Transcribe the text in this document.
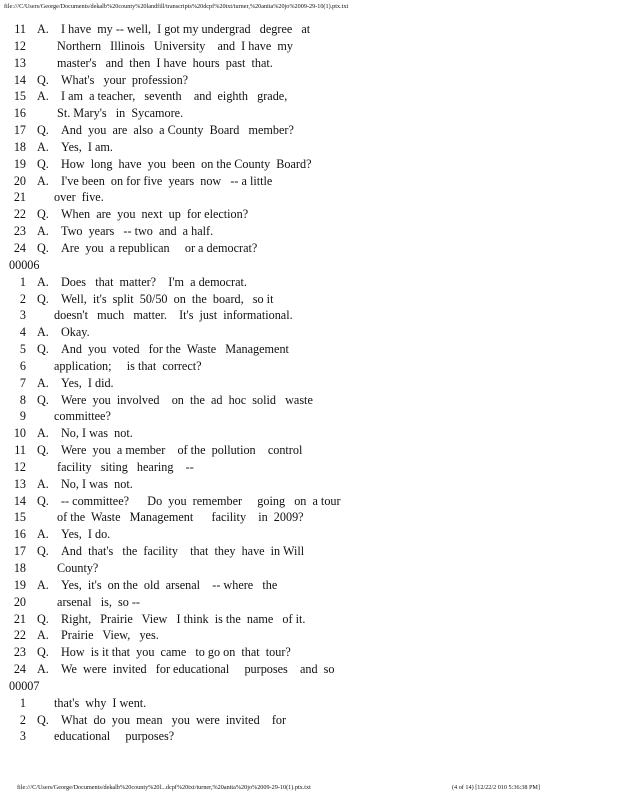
file:///C/Users/George/Documents/dekalb%20county%20landfill/transcripts%20dcpf%20txt/turner,%20anita%20jo%2009-29-10(1).ptx.txt
11 A. I have  my -- well,  I got my undergrad   degree   at
12 Northern   Illinois   University    and  I have  my
13 master's   and  then  I have  hours  past  that.
14 Q. What's   your  profession?
15 A. I am  a teacher,   seventh    and  eighth   grade,
16 St. Mary's   in  Sycamore.
17 Q. And  you  are  also  a County  Board   member?
18 A. Yes,  I am.
19 Q. How  long  have  you  been  on the County  Board?
20 A. I've been  on for five  years  now   -- a little
21 over  five.
22 Q. When  are  you  next  up  for election?
23 A. Two  years   -- two  and  a half.
24 Q. Are  you  a republican     or a democrat?
00006
1 A. Does   that  matter?    I'm  a democrat.
2 Q. Well,  it's  split  50/50  on  the  board,   so it
3 doesn't   much   matter.    It's  just  informational.
4 A. Okay.
5 Q. And  you  voted   for the  Waste   Management
6 application;     is that  correct?
7 A. Yes,  I did.
8 Q. Were  you  involved    on  the  ad  hoc  solid   waste
9 committee?
10 A. No, I was  not.
11 Q. Were  you  a member    of the  pollution    control
12 facility   siting   hearing    --
13 A. No, I was  not.
14 Q. -- committee?      Do  you  remember     going   on  a tour
15 of the  Waste   Management      facility    in  2009?
16 A. Yes,  I do.
17 Q. And  that's   the  facility    that  they  have  in Will
18 County?
19 A. Yes,  it's  on the  old  arsenal    -- where   the
20 arsenal   is,  so --
21 Q. Right,   Prairie   View   I think  is the  name   of it.
22 A. Prairie   View,   yes.
23 Q. How  is it that  you  came   to go on  that  tour?
24 A. We  were  invited   for educational     purposes    and  so
00007
1 that's  why  I went.
2 Q. What  do  you  mean   you  were  invited    for
3 educational     purposes?
file:///C/Users/George/Documents/dekalb%20county%20l...dcpf%20txt/turner,%20anita%20jo%2009-29-10(1).ptx.txt	(4 of 14) [12/22/2 010 5:36:38 PM]
